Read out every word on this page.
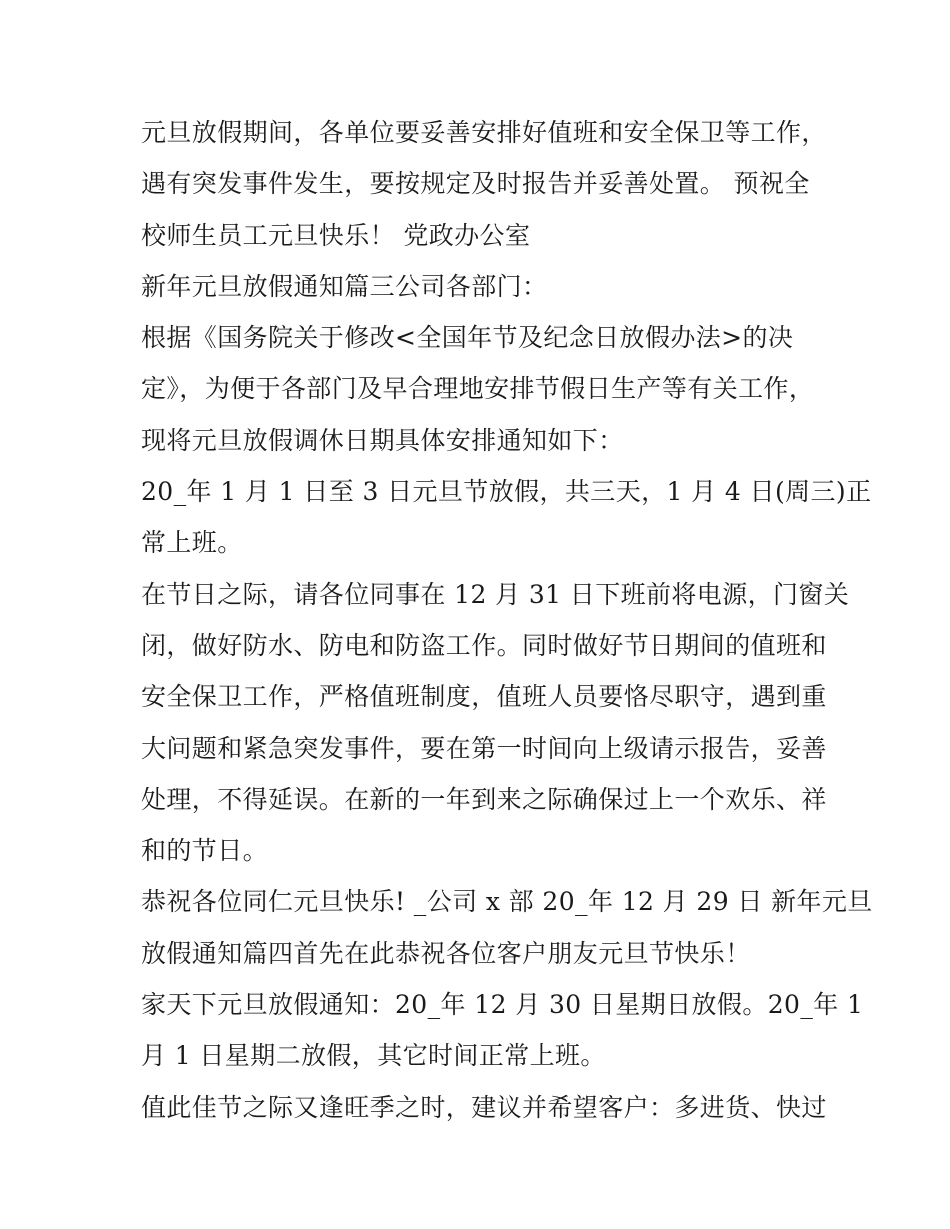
元旦放假期间，各单位要妥善安排好值班和安全保卫等工作，
遇有突发事件发生，要按规定及时报告并妥善处置。 预祝全
校师生员工元旦快乐！ 党政办公室
新年元旦放假通知篇三公司各部门：
根据《国务院关于修改<全国年节及纪念日放假办法>的决
定》，为便于各部门及早合理地安排节假日生产等有关工作，
现将元旦放假调休日期具体安排通知如下：
20_年 1 月 1 日至 3 日元旦节放假，共三天，1 月 4 日(周三)正
常上班。
在节日之际，请各位同事在 12 月 31 日下班前将电源，门窗关
闭，做好防水、防电和防盗工作。同时做好节日期间的值班和
安全保卫工作，严格值班制度，值班人员要恪尽职守，遇到重
大问题和紧急突发事件，要在第一时间向上级请示报告，妥善
处理，不得延误。在新的一年到来之际确保过上一个欢乐、祥
和的节日。
恭祝各位同仁元旦快乐! _公司 x 部 20_年 12 月 29 日 新年元旦
放假通知篇四首先在此恭祝各位客户朋友元旦节快乐！
家天下元旦放假通知：20_年 12 月 30 日星期日放假。20_年 1
月 1 日星期二放假，其它时间正常上班。
值此佳节之际又逢旺季之时，建议并希望客户：多进货、快过
